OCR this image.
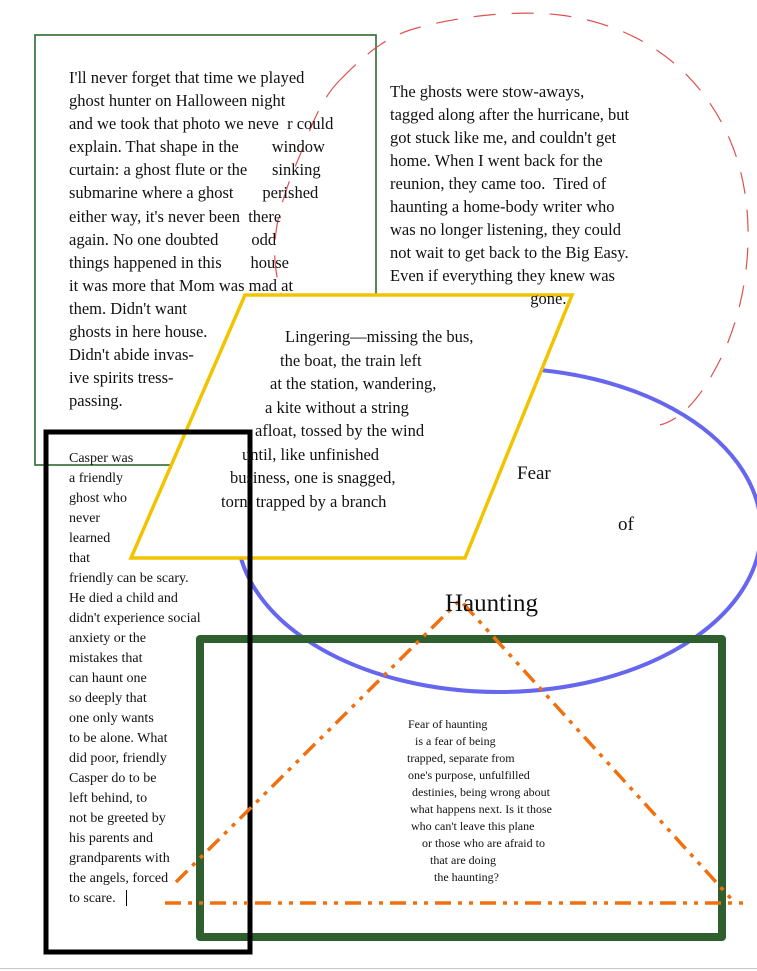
I'll never forget that time we played
ghost hunter on Halloween night
and we took that photo we neve  r could
explain. That shape in the        window
curtain: a ghost flute or the      sinking
submarine where a ghost       perished
either way, it's never been  there
again. No one doubted        odd
things happened in this       house
it was more that Mom was mad at
them. Didn't want
ghosts in here house.
Didn't abide invas-
ive spirits tress-
passing.
The ghosts were stow-aways,
tagged along after the hurricane, but
got stuck like me, and couldn't get
home. When I went back for the
reunion, they came too.  Tired of
haunting a home-body writer who
was no longer listening, they could
not wait to get back to the Big Easy.
Even if everything they knew was
gone.

Lingering—missing the bus,

the boat, the train left

at the station, wandering,

a kite without a string

afloat, tossed by the wind

until, like unfinished

business, one is snagged,

torn, trapped by a branch

Casper was
a friendly
ghost who
never
learned
that
friendly can be scary.
He died a child and
didn't experience social
anxiety or the
mistakes that
can haunt one
so deeply that
one only wants
to be alone. What
did poor, friendly
Casper do to be
left behind, to
not be greeted by
his parents and
grandparents with
the angels, forced
to scare.
Fear
of
Haunting

Fear of haunting

is a fear of being

trapped, separate from

one's purpose, unfulfilled

destinies, being wrong about

what happens next. Is it those

who can't leave this plane

or those who are afraid to

that are doing

the haunting?
